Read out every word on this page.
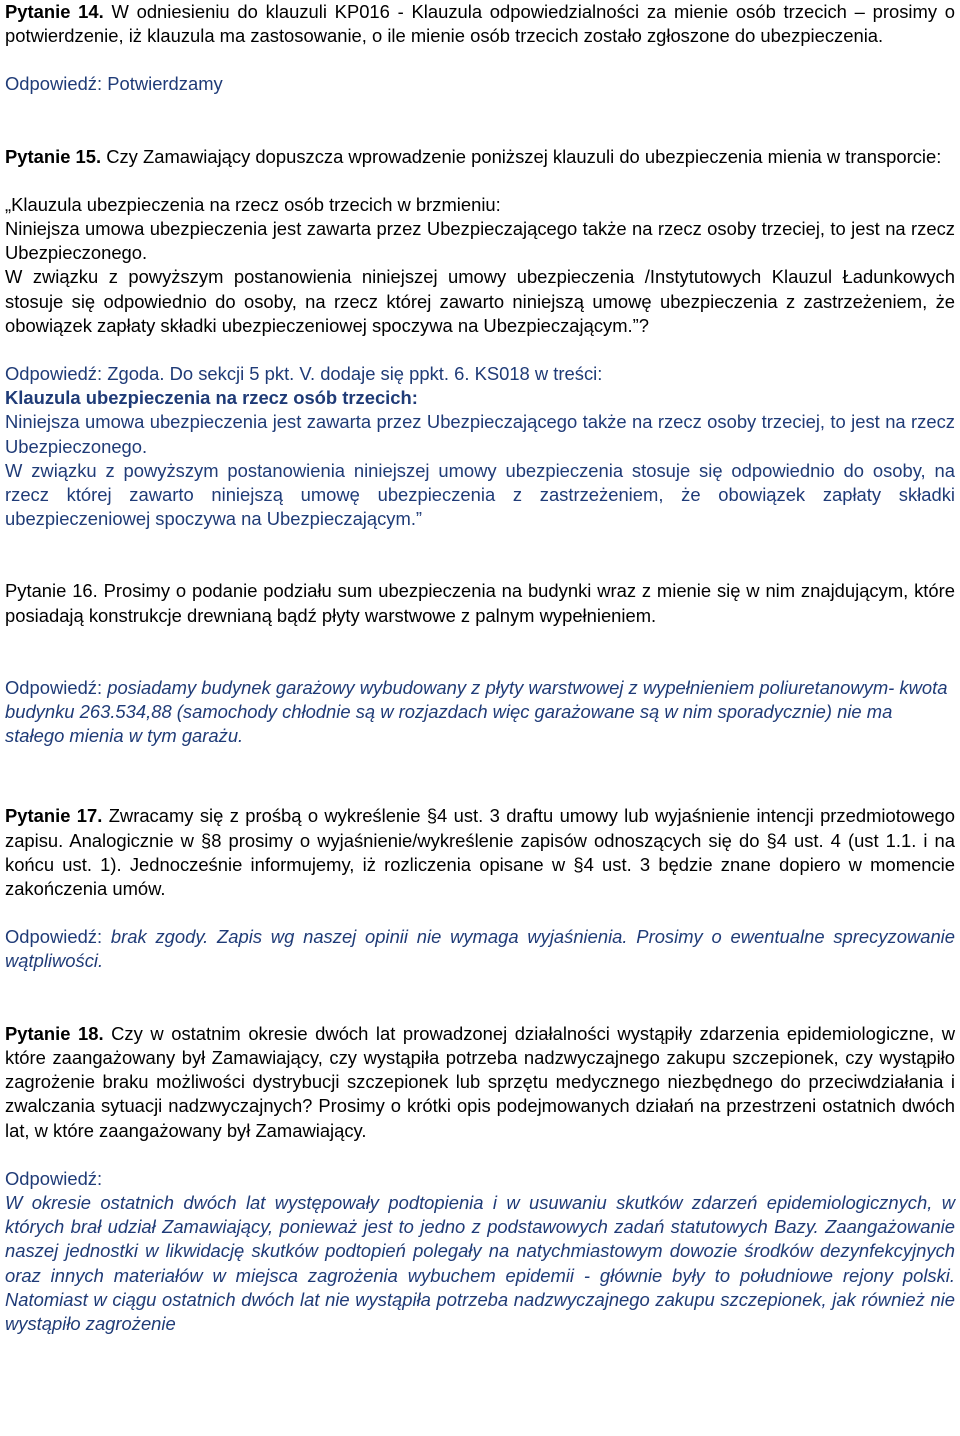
Pytanie 14. W odniesieniu do klauzuli KP016 - Klauzula odpowiedzialności za mienie osób trzecich – prosimy o potwierdzenie, iż klauzula ma zastosowanie, o ile mienie osób trzecich zostało zgłoszone do ubezpieczenia.

Odpowiedź: Potwierdzamy

Pytanie 15. Czy Zamawiający dopuszcza wprowadzenie poniższej klauzuli do ubezpieczenia mienia w transporcie:

„Klauzula ubezpieczenia na rzecz osób trzecich w brzmieniu:

Niniejsza umowa ubezpieczenia jest zawarta przez Ubezpieczającego także na rzecz osoby trzeciej, to jest na rzecz Ubezpieczonego.

W związku z powyższym postanowienia niniejszej umowy ubezpieczenia /Instytutowych Klauzul Ładunkowych stosuje się odpowiednio do osoby, na rzecz której zawarto niniejszą umowę ubezpieczenia z zastrzeżeniem, że obowiązek zapłaty składki ubezpieczeniowej spoczywa na Ubezpieczającym.”?

Odpowiedź: Zgoda. Do sekcji 5 pkt. V. dodaje się ppkt. 6. KS018 w treści:

Klauzula ubezpieczenia na rzecz osób trzecich:

Niniejsza umowa ubezpieczenia jest zawarta przez Ubezpieczającego także na rzecz osoby trzeciej, to jest na rzecz Ubezpieczonego.

W związku z powyższym postanowienia niniejszej umowy ubezpieczenia stosuje się odpowiednio do osoby, na rzecz której zawarto niniejszą umowę ubezpieczenia z zastrzeżeniem, że obowiązek zapłaty składki ubezpieczeniowej spoczywa na Ubezpieczającym.”

Pytanie 16. Prosimy o podanie podziału sum ubezpieczenia na budynki wraz z mienie się w nim znajdującym, które posiadają konstrukcje drewnianą bądź płyty warstwowe z palnym wypełnieniem.

Odpowiedź: posiadamy budynek garażowy wybudowany z płyty warstwowej z wypełnieniem poliuretanowym- kwota budynku 263.534,88 (samochody chłodnie są w rozjazdach więc garażowane są w nim sporadycznie) nie ma stałego mienia w tym garażu.

Pytanie 17. Zwracamy się z prośbą o wykreślenie §4 ust. 3 draftu umowy lub wyjaśnienie intencji przedmiotowego zapisu. Analogicznie w §8 prosimy o wyjaśnienie/wykreślenie zapisów odnoszących się do §4 ust. 4 (ust 1.1. i na końcu ust. 1). Jednocześnie informujemy, iż rozliczenia opisane w §4 ust. 3 będzie znane dopiero w momencie zakończenia umów.

Odpowiedź: brak zgody. Zapis wg naszej opinii nie wymaga wyjaśnienia. Prosimy o ewentualne sprecyzowanie wątpliwości.

Pytanie 18. Czy w ostatnim okresie dwóch lat prowadzonej działalności wystąpiły zdarzenia epidemiologiczne, w które zaangażowany był Zamawiający, czy wystąpiła potrzeba nadzwyczajnego zakupu szczepionek, czy wystąpiło zagrożenie braku możliwości dystrybucji szczepionek lub sprzętu medycznego niezbędnego do przeciwdziałania i zwalczania sytuacji nadzwyczajnych? Prosimy o krótki opis podejmowanych działań na przestrzeni ostatnich dwóch lat, w które zaangażowany był Zamawiający.

Odpowiedź:

W okresie ostatnich dwóch lat występowały podtopienia i w usuwaniu skutków zdarzeń epidemiologicznych, w których brał udział Zamawiający, ponieważ jest to jedno z podstawowych zadań statutowych Bazy. Zaangażowanie naszej jednostki w likwidację skutków podtopień polegały na natychmiastowym dowozie środków dezynfekcyjnych oraz innych materiałów w miejsca zagrożenia wybuchem epidemii - głównie były to południowe rejony polski. Natomiast w ciągu ostatnich dwóch lat nie wystąpiła potrzeba nadzwyczajnego zakupu szczepionek, jak również nie wystąpiło zagrożenie
